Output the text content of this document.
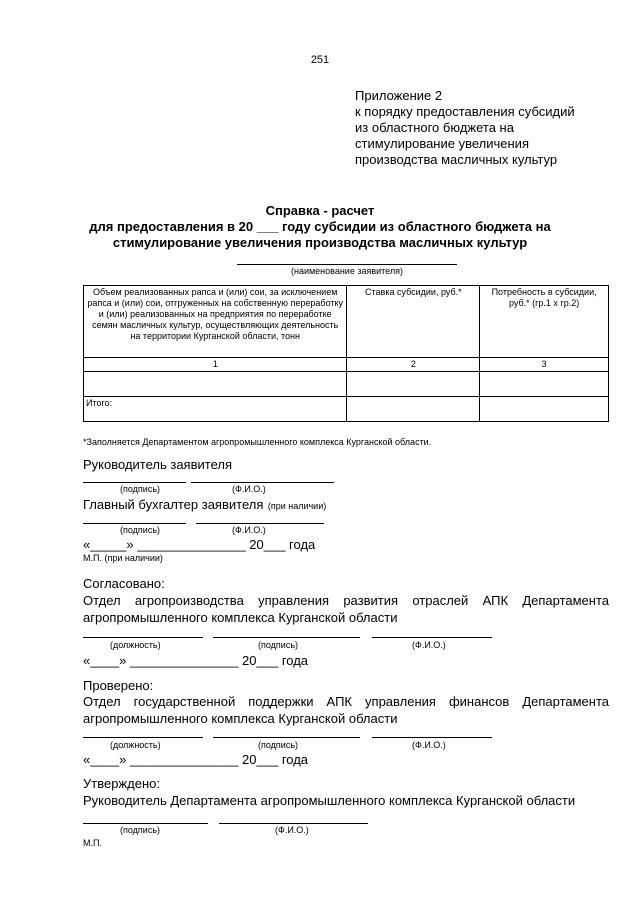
251
Приложение 2
к порядку предоставления субсидий
из областного бюджета на
стимулирование увеличения
производства масличных культур
Справка - расчет
для предоставления в 20 ___ году субсидии из областного бюджета на
стимулирование увеличения производства масличных культур
(наименование заявителя)
Объем реализованных рапса и (или) сои, за исключением рапса и (или) сои, отгруженных на собственную переработку и (или) реализованных на предприятия по переработке семян масличных культур, осуществляющих деятельность на территории Курганской области, тонн	Ставка субсидии, руб.*	Потребность в субсидии, руб.* (гр.1 х гр.2)
1	2	3

Итого:		
*Заполняется Департаментом агропромышленного комплекса Курганской области.
Руководитель заявителя
(подпись)	(Ф.И.О.)
Главный бухгалтер заявителя (при наличии)
(подпись)	(Ф.И.О.)
«_____» _______________ 20___ года
М.П. (при наличии)
Согласовано:
Отдел агропроизводства управления развития отраслей АПК Департамента
агропромышленного комплекса Курганской области
(должность)	(подпись)	(Ф.И.О.)
«____» _______________ 20___ года
Проверено:
Отдел государственной поддержки АПК управления финансов Департамента
агропромышленного комплекса Курганской области
(должность)	(подпись)	(Ф.И.О.)
«____» _______________ 20___ года
Утверждено:
Руководитель Департамента агропромышленного комплекса Курганской области
(подпись)	(Ф.И.О.)
М.П.
